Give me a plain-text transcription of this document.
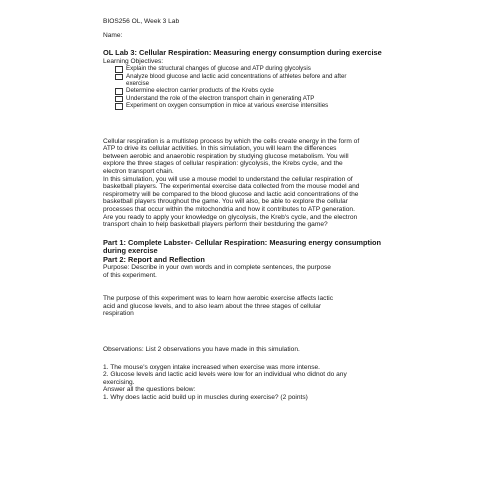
BIOS256 OL, Week 3 Lab

Name:

OL Lab 3: Cellular Respiration: Measuring energy consumption during exercise

Learning Objectives:

Explain the structural changes of glucose and ATP during glycolysis
Analyze blood glucose and lactic acid concentrations of athletes before and after
exercise
Determine electron carrier products of the Krebs cycle
Understand the role of the electron transport chain in generating ATP
Experiment on oxygen consumption in mice at various exercise intensities

Cellular respiration is a multistep process by which the cells create energy in the form of

ATP to drive its cellular activities. In this simulation, you will learn the differences

between aerobic and anaerobic respiration by studying glucose metabolism. You will

explore the three stages of cellular respiration: glycolysis, the Krebs cycle, and the

electron transport chain.

In this simulation, you will use a mouse model to understand the cellular respiration of

basketball players. The experimental exercise data collected from the mouse model and

respirometry will be compared to the blood glucose and lactic acid concentrations of the

basketball players throughout the game. You will also, be able to explore the cellular

processes that occur within the mitochondria and how it contributes to ATP generation.

Are you ready to apply your knowledge on glycolysis, the Kreb's cycle, and the electron

transport chain to help basketball players perform their bestduring the game?

Part 1: Complete Labster- Cellular Respiration: Measuring energy consumption

during exercise

Part 2: Report and Reflection

Purpose: Describe in your own words and in complete sentences, the purpose

of this experiment.

The purpose of this experiment was to learn how aerobic exercise affects lactic

acid and glucose levels, and to also learn about the three stages of cellular

respiration

Observations: List 2 observations you have made in this simulation.

1. The mouse's oxygen intake increased when exercise was more intense.

2. Glucose levels and lactic acid levels were low for an individual who didnot do any

exercising.

Answer all the questions below:

1. Why does lactic acid build up in muscles during exercise? (2 points)
